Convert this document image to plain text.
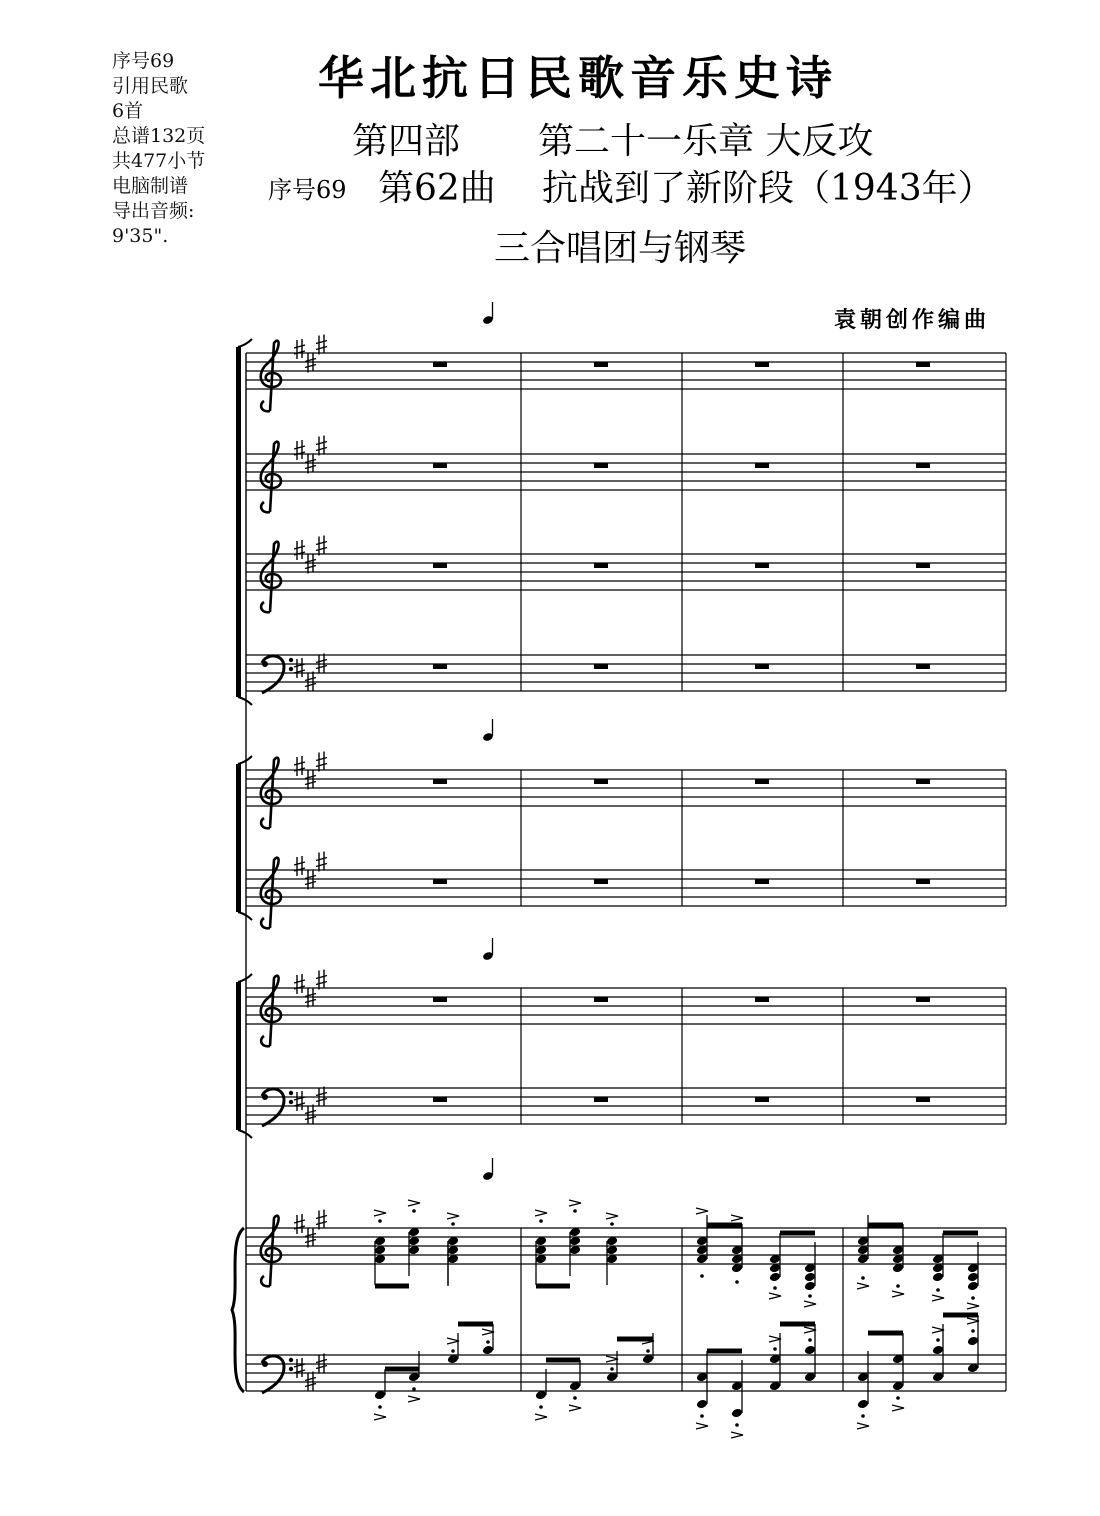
序号69
引用民歌
6首
总谱132页
共477小节
电脑制谱
导出音频:
9'35".
华北抗日民歌音乐史诗
第四部 第二十一乐章 大反攻
序号69 第62曲 抗战到了新阶段（1943年）
三合唱团与钢琴
袁朝创作编曲
